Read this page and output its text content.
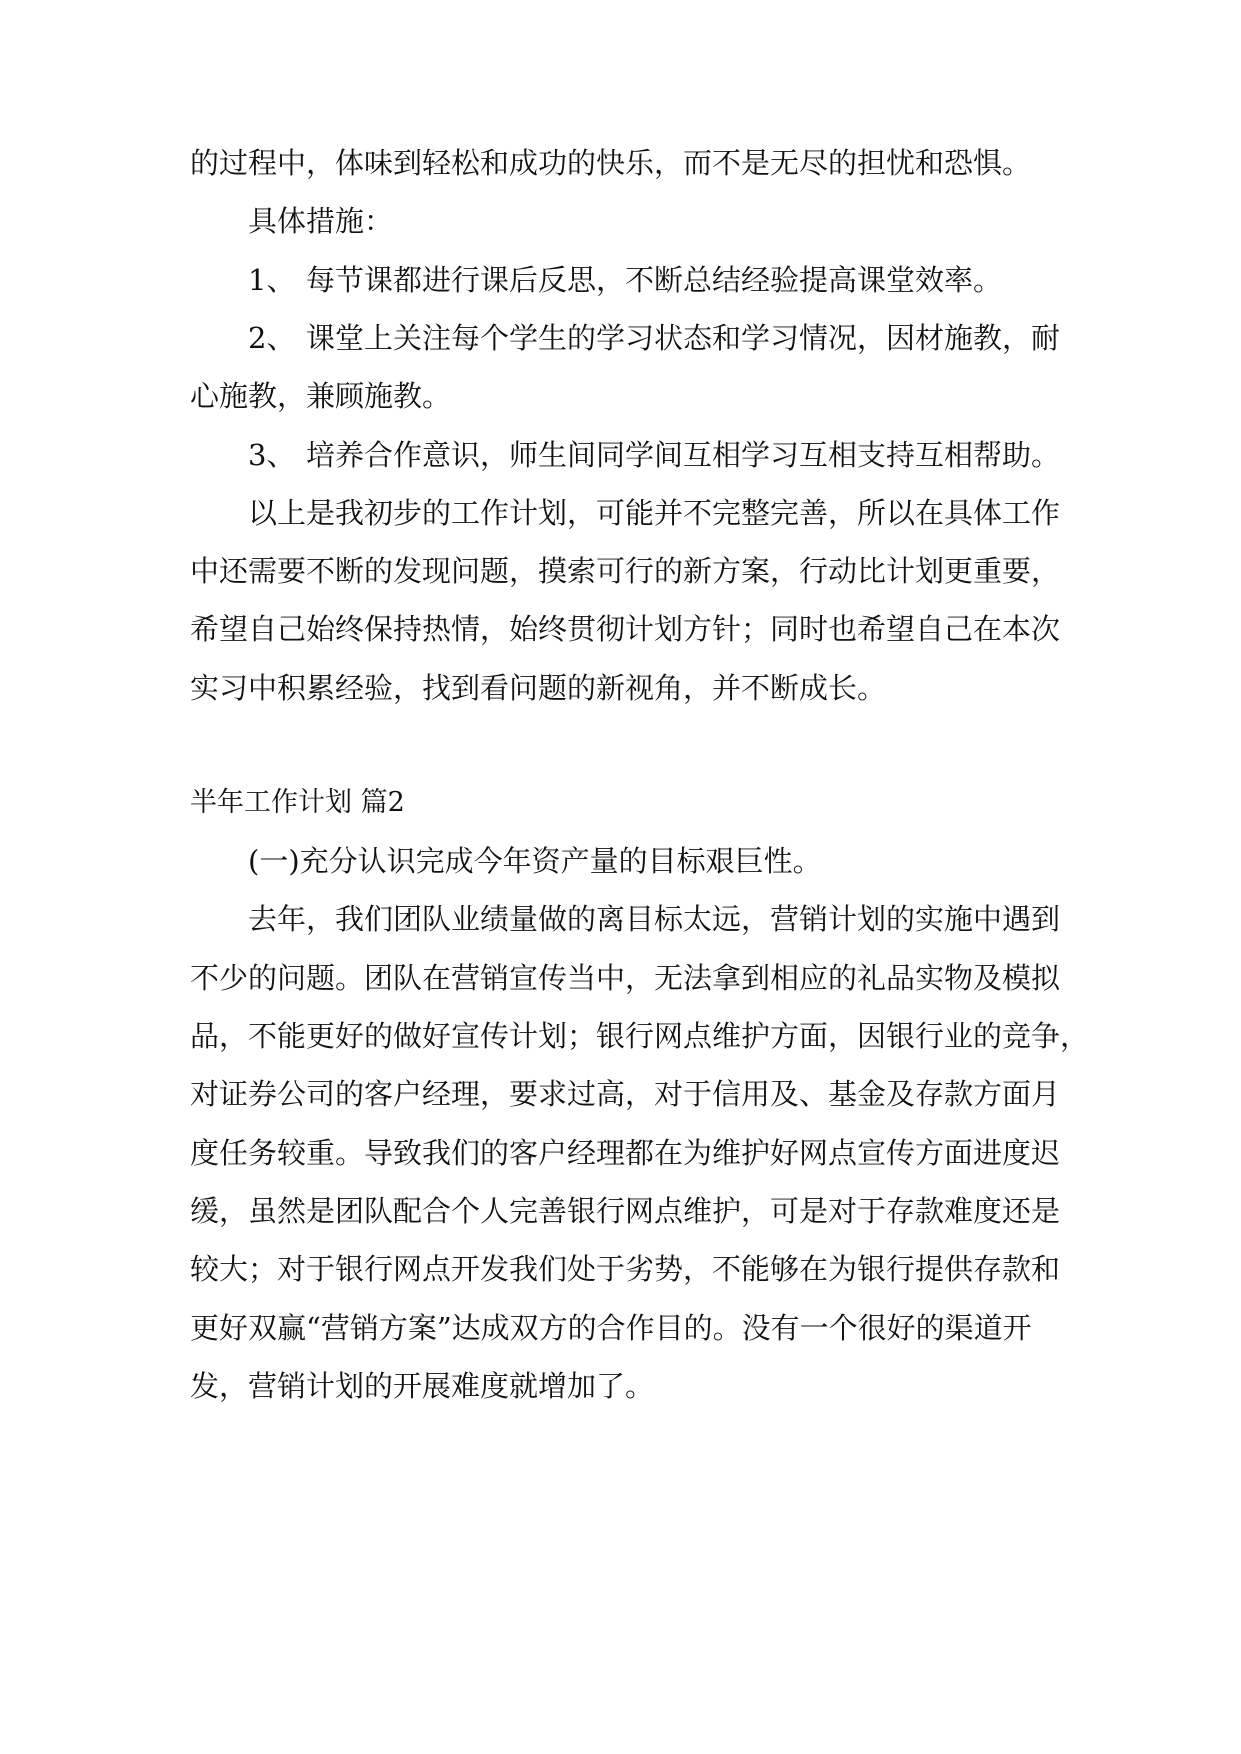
的过程中，体味到轻松和成功的快乐，而不是无尽的担忧和恐惧。
具体措施：
1、 每节课都进行课后反思，不断总结经验提高课堂效率。
2、 课堂上关注每个学生的学习状态和学习情况，因材施教，耐
心施教，兼顾施教。
3、 培养合作意识，师生间同学间互相学习互相支持互相帮助。
以上是我初步的工作计划，可能并不完整完善，所以在具体工作
中还需要不断的发现问题，摸索可行的新方案，行动比计划更重要，
希望自己始终保持热情，始终贯彻计划方针；同时也希望自己在本次
实习中积累经验，找到看问题的新视角，并不断成长。
半年工作计划 篇2
(一)充分认识完成今年资产量的目标艰巨性。
去年，我们团队业绩量做的离目标太远，营销计划的实施中遇到
不少的问题。团队在营销宣传当中，无法拿到相应的礼品实物及模拟
品，不能更好的做好宣传计划；银行网点维护方面，因银行业的竞争，
对证券公司的客户经理，要求过高，对于信用及、基金及存款方面月
度任务较重。导致我们的客户经理都在为维护好网点宣传方面进度迟
缓，虽然是团队配合个人完善银行网点维护，可是对于存款难度还是
较大；对于银行网点开发我们处于劣势，不能够在为银行提供存款和
更好双赢“营销方案”达成双方的合作目的。没有一个很好的渠道开
发，营销计划的开展难度就增加了。
